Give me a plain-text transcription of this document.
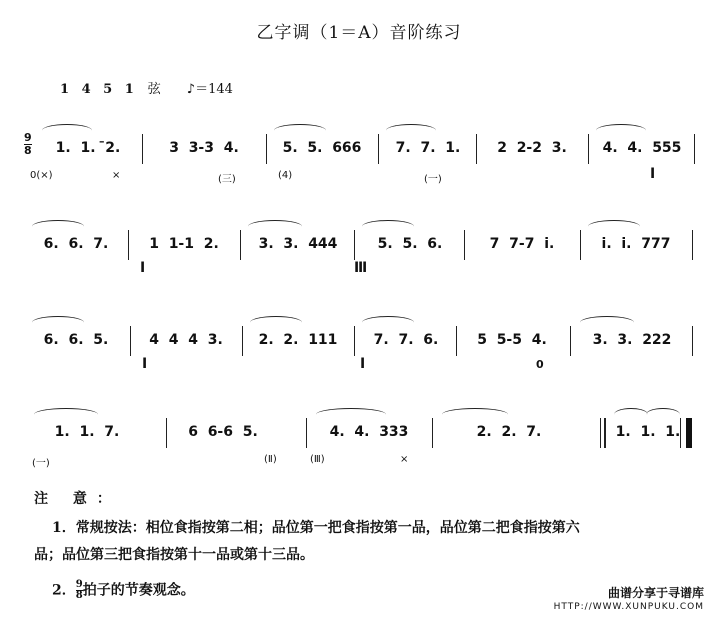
乙字调（1＝A）音阶练习
1 4 5 1 弦 ♪＝144
9
8 1.  1.  ̄2.	3  3‑3  4.	5.  5.  666 7.  7.  1.	2  2‑2  3.	4.  4.  555
0(×)	×	(三)	(4)	(一)	Ⅰ
6.  6.  7.	1  1‑1  2.	3.  3.  444	5.  5.  6.	7  7‑7  i.	i.  i.  777
Ⅰ	Ⅲ
6.  6.  5.	4  4  4  3.	2.  2.  111	7.  7.  6.	5  5‑5  4.	3.  3.  222
Ⅰ	Ⅰ	0
1.  1.  7.	6  6‑6  5.	4.  4.  333	2.  2.  7.	1.  1.  1.
(一)	(Ⅱ)	(Ⅲ)	×
注 意：
1．常规按法：相位食指按第二相；品位第一把食指按第一品，品位第二把食指按第六
品；品位第三把食指按第十一品或第十三品。
2． $\frac{9}{8}$ 拍子的节奏观念。	曲谱分享于寻谱库
HTTP://WWW.XUNPUKU.COM
